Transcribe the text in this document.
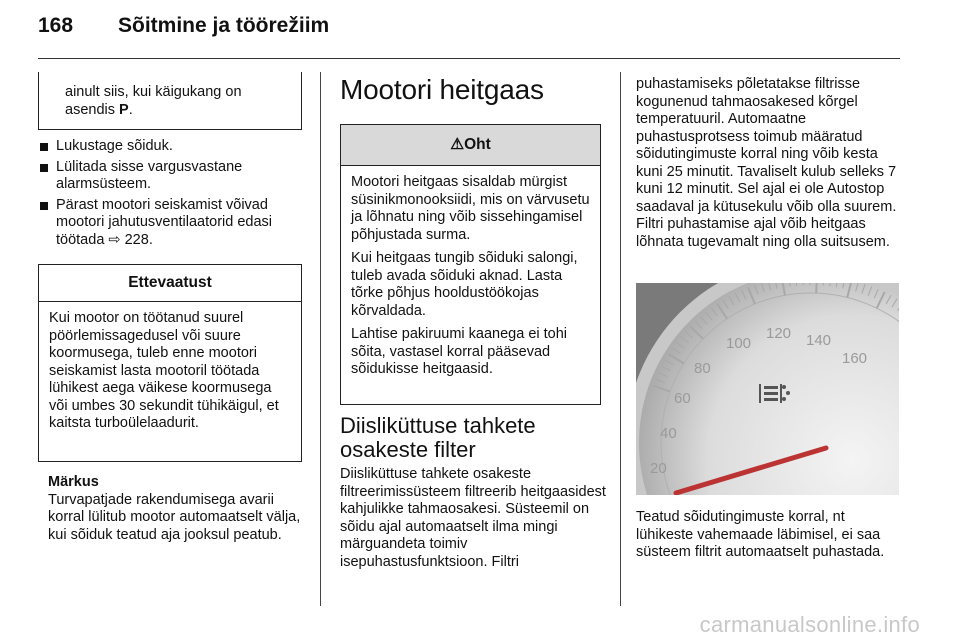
168 Sõitmine ja töörežiim
ainult siis, kui käigukang on
asendis P.
Lukustage sõiduk.
Lülitada sisse vargusvastane alarmsüsteem.
Pärast mootori seiskamist võivad mootori jahutusventilaatorid edasi töötada ⇨ 228.
Ettevaatust
Kui mootor on töötanud suurel pöörlemissagedusel või suure koormusega, tuleb enne mootori seiskamist lasta mootoril töötada lühikest aega väikese koormusega või umbes 30 sekundit tühikäigul, et kaitsta turboülelaadurit.
Märkus
Turvapatjade rakendumisega avarii korral lülitub mootor automaatselt välja, kui sõiduk teatud aja jooksul peatub.
Mootori heitgaas
⚠Oht

Mootori heitgaas sisaldab mürgist süsinikmonooksiidi, mis on värvusetu ja lõhnatu ning võib sissehingamisel põhjustada surma.

Kui heitgaas tungib sõiduki salongi, tuleb avada sõiduki aknad. Lasta tõrke põhjus hooldustöökojas kõrvaldada.

Lahtise pakiruumi kaanega ei tohi sõita, vastasel korral pääsevad sõidukisse heitgaasid.

Diisliküttuse tahkete osakeste filter
Diisliküttuse tahkete osakeste filtreerimissüsteem filtreerib heitgaasidest kahjulikke tahmaosakesi. Süsteemil on sõidu ajal automaatselt ilma mingi märguandeta toimiv isepuhastusfunktsioon. Filtri
puhastamiseks põletatakse filtrisse kogunenud tahmaosakesed kõrgel temperatuuril. Automaatne puhastusprotsess toimub määratud sõidutingimuste korral ning võib kesta kuni 25 minutit. Tavaliselt kulub selleks 7 kuni 12 minutit. Sel ajal ei ole Autostop saadaval ja kütusekulu võib olla suurem. Filtri puhastamise ajal võib heitgaas lõhnata tugevamalt ning olla suitsusem.
20
40
60
80
100
120 140
160
Teatud sõidutingimuste korral, nt lühikeste vahemaade läbimisel, ei saa süsteem filtrit automaatselt puhastada.
carmanualsonline.info
